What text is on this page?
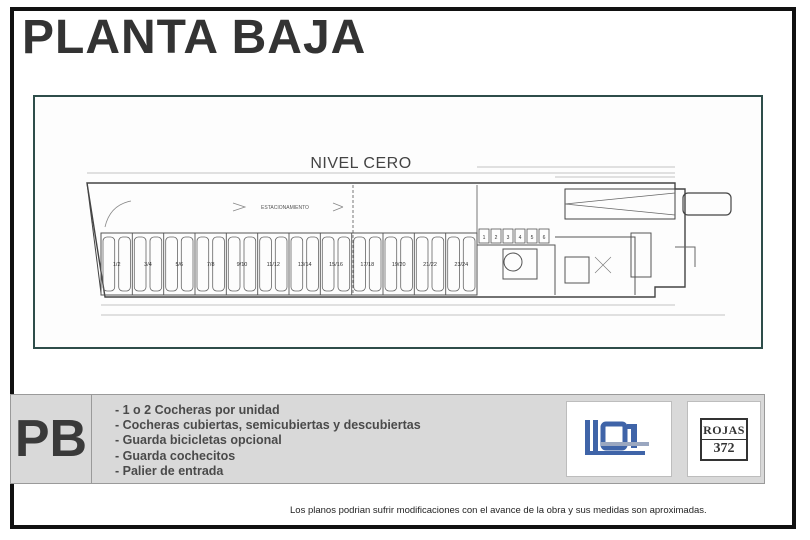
PLANTA BAJA
1/2	3/4	5/6	7/8	9/10	11/12	13/14	15/16	17/18	19/20	21/22	23/24
NIVEL CERO
ESTACIONAMIENTO
1 2 3 4 5 6
PB - 1 o 2 Cocheras por unidad
- Cocheras cubiertas, semicubiertas y descubiertas
- Guarda bicicletas opcional
- Guarda cochecitos
- Palier de entrada
ROJAS
372
Los planos podrian sufrir modificaciones con el avance de la obra y sus medidas son aproximadas.
